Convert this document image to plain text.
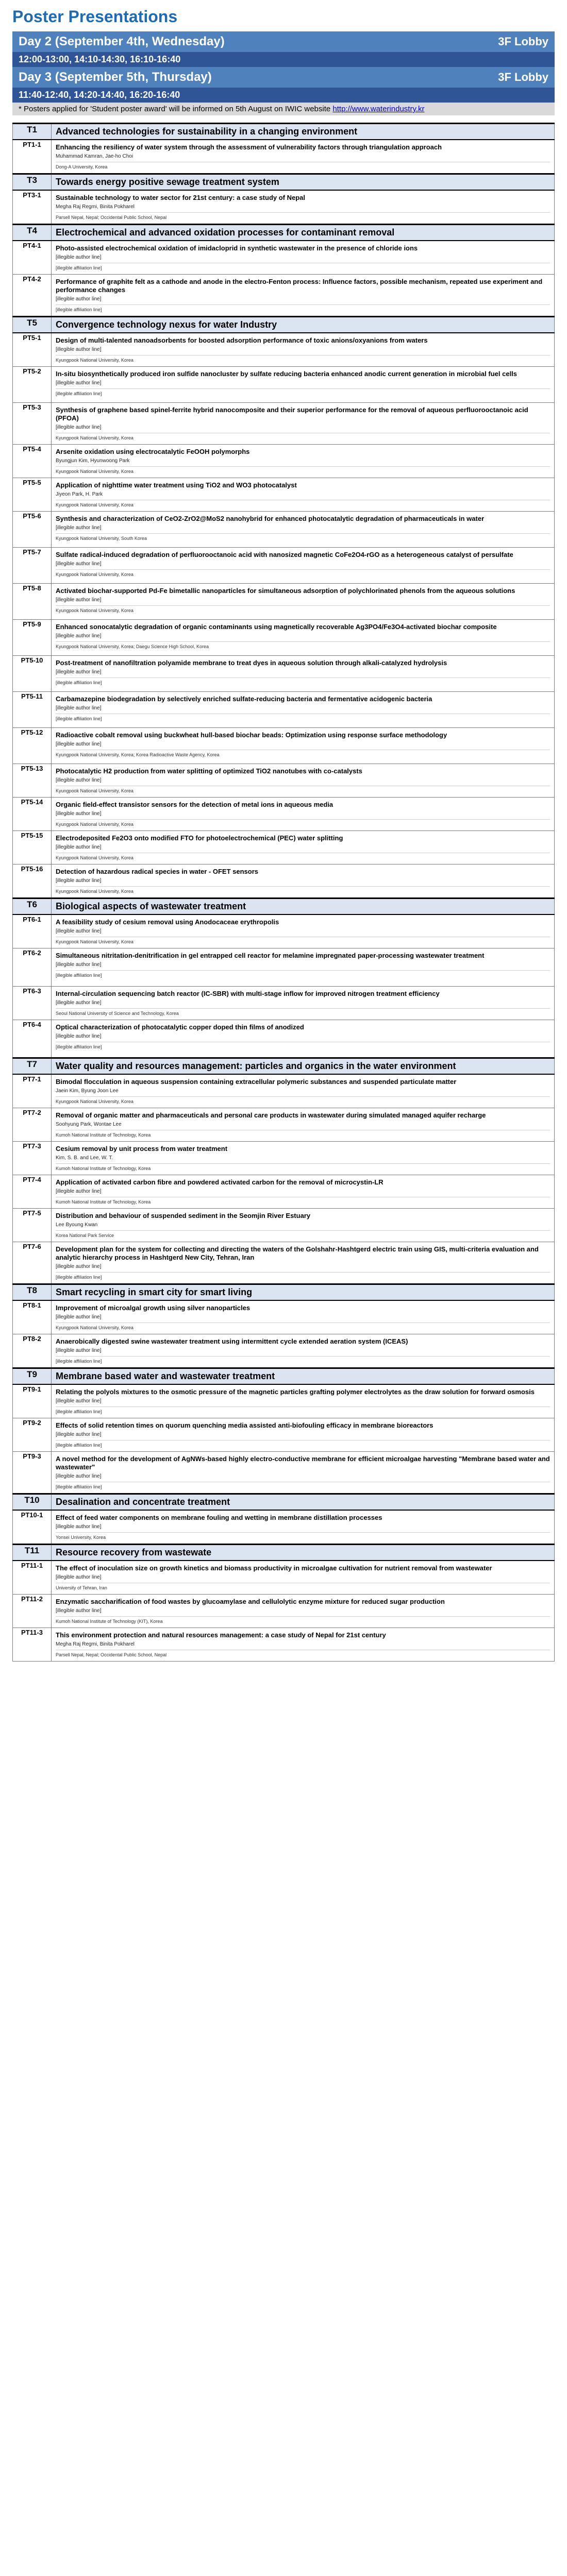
Poster Presentations
Day 2 (September 4th, Wednesday)	3F Lobby
12:00-13:00, 14:10-14:30, 16:10-16:40
Day 3 (September 5th, Thursday)	3F Lobby
11:40-12:40, 14:20-14:40, 16:20-16:40
* Posters applied for 'Student poster award' will be informed on 5th August on IWIC website http://www.waterindustry.kr
T1	Advanced technologies for sustainability in a changing environment
PT1-1	Enhancing the resiliency of water system through the assessment of vulnerability factors through triangulation approach
Muhammad Kamran, Jae-ho Choi
Dong-A University, Korea

T3	Towards energy positive sewage treatment system
PT3-1	Sustainable technology to water sector for 21st century: a case study of Nepal
Megha Raj Regmi, Binita Pokharel
Parsell Nepal, Nepal; Occidental Public School, Nepal

T4	Electrochemical and advanced oxidation processes for contaminant removal
PT4-1	Photo-assisted electrochemical oxidation of imidacloprid in synthetic wastewater in the presence of chloride ions
[illegible author line]
[illegible affiliation line]

PT4-2	Performance of graphite felt as a cathode and anode in the electro-Fenton process: Influence factors, possible mechanism, repeated use experiment and performance changes
[illegible author line]
[illegible affiliation line]

T5	Convergence technology nexus for water Industry
PT5-1	Design of multi-talented nanoadsorbents for boosted adsorption performance of toxic anions/oxyanions from waters
[illegible author line]
Kyungpook National University, Korea

PT5-2	In-situ biosynthetically produced iron sulfide nanocluster by sulfate reducing bacteria enhanced anodic current generation in microbial fuel cells
[illegible author line]
[illegible affiliation line]

PT5-3	Synthesis of graphene based spinel-ferrite hybrid nanocomposite and their superior performance for the removal of aqueous perfluorooctanoic acid (PFOA)
[illegible author line]
Kyungpook National University, Korea

PT5-4	Arsenite oxidation using electrocatalytic FeOOH polymorphs
Byungjun Kim, Hyunwoong Park
Kyungpook National University, Korea

PT5-5	Application of nighttime water treatment using TiO2 and WO3 photocatalyst
Jiyeon Park, H. Park
Kyungpook National University, Korea

PT5-6	Synthesis and characterization of CeO2-ZrO2@MoS2 nanohybrid for enhanced photocatalytic degradation of pharmaceuticals in water
[illegible author line]
Kyungpook National University, South Korea

PT5-7	Sulfate radical-induced degradation of perfluorooctanoic acid with nanosized magnetic CoFe2O4-rGO as a heterogeneous catalyst of persulfate
[illegible author line]
Kyungpook National University, Korea

PT5-8	Activated biochar-supported Pd-Fe bimetallic nanoparticles for simultaneous adsorption of polychlorinated phenols from the aqueous solutions
[illegible author line]
Kyungpook National University, Korea

PT5-9	Enhanced sonocatalytic degradation of organic contaminants using magnetically recoverable Ag3PO4/Fe3O4-activated biochar composite
[illegible author line]
Kyungpook National University, Korea; Daegu Science High School, Korea

PT5-10	Post-treatment of nanofiltration polyamide membrane to treat dyes in aqueous solution through alkali-catalyzed hydrolysis
[illegible author line]
[illegible affiliation line]

PT5-11	Carbamazepine biodegradation by selectively enriched sulfate-reducing bacteria and fermentative acidogenic bacteria
[illegible author line]
[illegible affiliation line]

PT5-12	Radioactive cobalt removal using buckwheat hull-based biochar beads: Optimization using response surface methodology
[illegible author line]
Kyungpook National University, Korea; Korea Radioactive Waste Agency, Korea

PT5-13	Photocatalytic H2 production from water splitting of optimized TiO2 nanotubes with co-catalysts
[illegible author line]
Kyungpook National University, Korea

PT5-14	Organic field-effect transistor sensors for the detection of metal ions in aqueous media
[illegible author line]
Kyungpook National University, Korea

PT5-15	Electrodeposited Fe2O3 onto modified FTO for photoelectrochemical (PEC) water splitting
[illegible author line]
Kyungpook National University, Korea

PT5-16	Detection of hazardous radical species in water - OFET sensors
[illegible author line]
Kyungpook National University, Korea

T6	Biological aspects of wastewater treatment
PT6-1	A feasibility study of cesium removal using Anodocaceae erythropolis
[illegible author line]
Kyungpook National University, Korea

PT6-2	Simultaneous nitritation-denitrification in gel entrapped cell reactor for melamine impregnated paper-processing wastewater treatment
[illegible author line]
[illegible affiliation line]

PT6-3	Internal-circulation sequencing batch reactor (IC-SBR) with multi-stage inflow for improved nitrogen treatment efficiency
[illegible author line]
Seoul National University of Science and Technology, Korea

PT6-4	Optical characterization of photocatalytic copper doped thin films of anodized
[illegible author line]
[illegible affiliation line]

T7	Water quality and resources management: particles and organics in the water environment
PT7-1	Bimodal flocculation in aqueous suspension containing extracellular polymeric substances and suspended particulate matter
Jaein Kim, Byung Joon Lee
Kyungpook National University, Korea

PT7-2	Removal of organic matter and pharmaceuticals and personal care products in wastewater during simulated managed aquifer recharge
Soohyung Park, Wontae Lee
Kumoh National Institute of Technology, Korea

PT7-3	Cesium removal by unit process from water treatment
Kim, S. B. and Lee, W. T.
Kumoh National Institute of Technology, Korea

PT7-4	Application of activated carbon fibre and powdered activated carbon for the removal of microcystin-LR
[illegible author line]
Kumoh National Institute of Technology, Korea

PT7-5	Distribution and behaviour of suspended sediment in the Seomjin River Estuary
Lee Byoung Kwan
Korea National Park Service

PT7-6	Development plan for the system for collecting and directing the waters of the Golshahr-Hashtgerd electric train using GIS, multi-criteria evaluation and analytic hierarchy process in Hashtgerd New City, Tehran, Iran
[illegible author line]
[illegible affiliation line]

T8	Smart recycling in smart city for smart living
PT8-1	Improvement of microalgal growth using silver nanoparticles
[illegible author line]
Kyungpook National University, Korea

PT8-2	Anaerobically digested swine wastewater treatment using intermittent cycle extended aeration system (ICEAS)
[illegible author line]
[illegible affiliation line]

T9	Membrane based water and wastewater treatment
PT9-1	Relating the polyols mixtures to the osmotic pressure of the magnetic particles grafting polymer electrolytes as the draw solution for forward osmosis
[illegible author line]
[illegible affiliation line]

PT9-2	Effects of solid retention times on quorum quenching media assisted anti-biofouling efficacy in membrane bioreactors
[illegible author line]
[illegible affiliation line]

PT9-3	A novel method for the development of AgNWs-based highly electro-conductive membrane for efficient microalgae harvesting "Membrane based water and wastewater"
[illegible author line]
[illegible affiliation line]

T10	Desalination and concentrate treatment
PT10-1	Effect of feed water components on membrane fouling and wetting in membrane distillation processes
[illegible author line]
Yonsei University, Korea

T11	Resource recovery from wastewate
PT11-1	The effect of inoculation size on growth kinetics and biomass productivity in microalgae cultivation for nutrient removal from wastewater
[illegible author line]
University of Tehran, Iran

PT11-2	Enzymatic saccharification of food wastes by glucoamylase and cellulolytic enzyme mixture for reduced sugar production
[illegible author line]
Kumoh National Institute of Technology (KIT), Korea

PT11-3	This environment protection and natural resources management: a case study of Nepal for 21st century
Megha Raj Regmi, Binita Pokharel
Parsell Nepal, Nepal; Occidental Public School, Nepal
